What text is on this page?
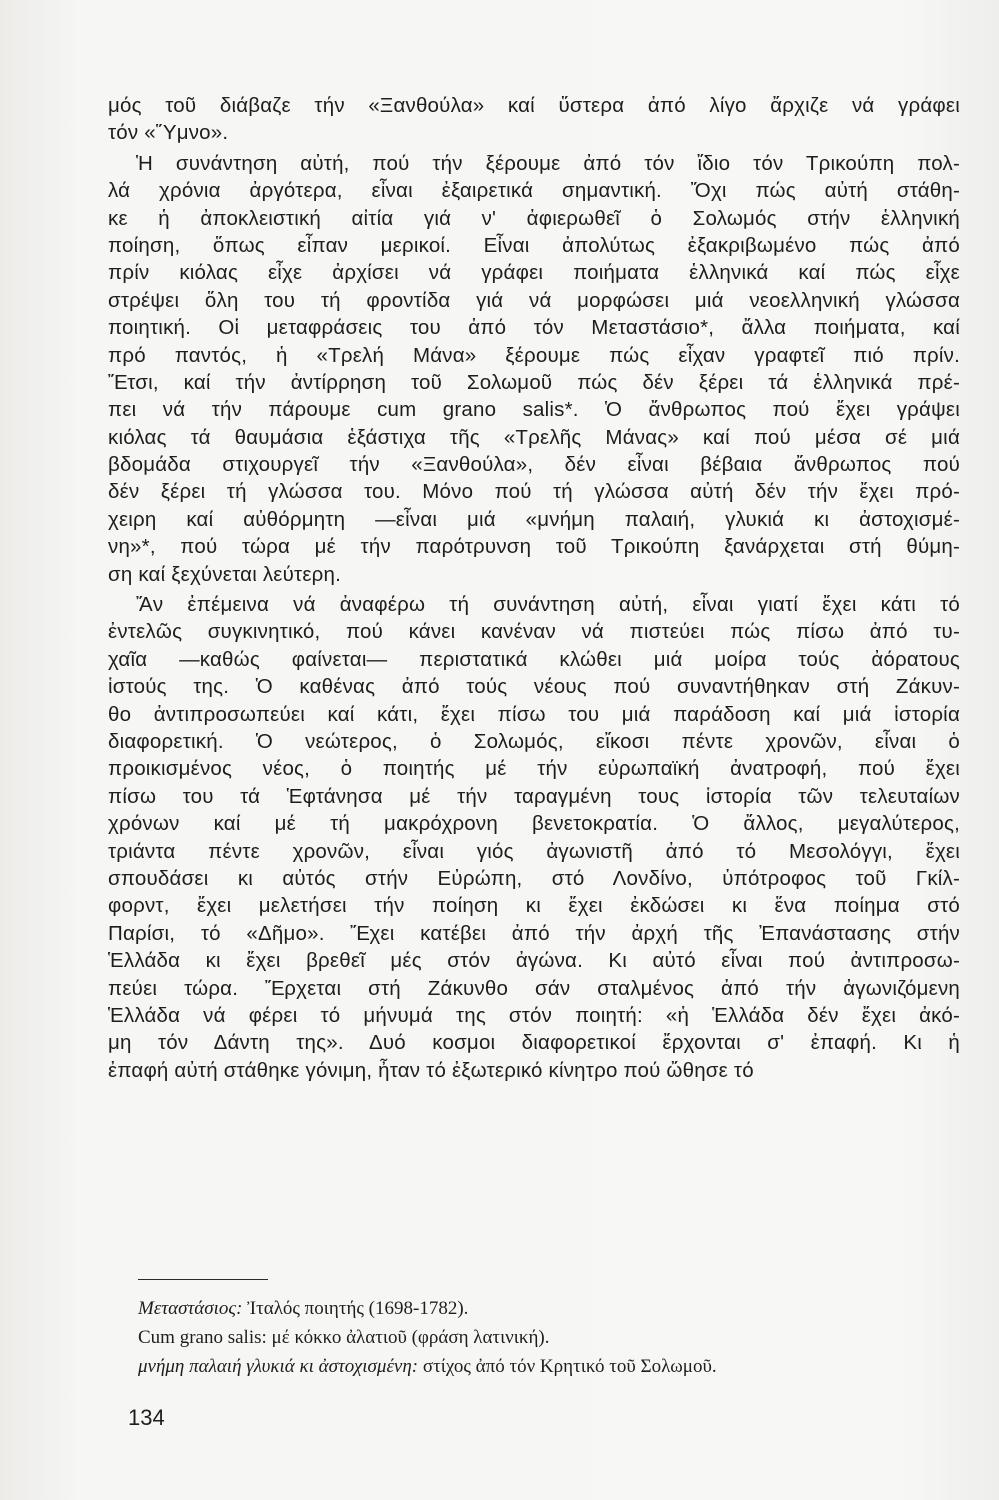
μός τοῦ διάβαζε τήν «Ξανθούλα» καί ὕστερα ἀπό λίγο ἄρχιζε νά γράφει
τόν «Ὕμνο».
Ἡ συνάντηση αὐτή, πού τήν ξέρουμε ἀπό τόν ἴδιο τόν Τρικούπη πολ-
λά χρόνια ἀργότερα, εἶναι ἐξαιρετικά σημαντική. Ὄχι πώς αὐτή στάθη-
κε ἡ ἀποκλειστική αἰτία γιά ν' ἀφιερωθεῖ ὁ Σολωμός στήν ἑλληνική
ποίηση, ὅπως εἶπαν μερικοί. Εἶναι ἀπολύτως ἐξακριβωμένο πώς ἀπό
πρίν κιόλας εἶχε ἀρχίσει νά γράφει ποιήματα ἑλληνικά καί πώς εἶχε
στρέψει ὅλη του τή φροντίδα γιά νά μορφώσει μιά νεοελληνική γλώσσα
ποιητική. Οἱ μεταφράσεις του ἀπό τόν Μεταστάσιο*, ἄλλα ποιήματα, καί
πρό παντός, ἡ «Τρελή Μάνα» ξέρουμε πώς εἶχαν γραφτεῖ πιό πρίν.
Ἔτσι, καί τήν ἀντίρρηση τοῦ Σολωμοῦ πώς δέν ξέρει τά ἑλληνικά πρέ-
πει νά τήν πάρουμε cum grano salis*. Ὁ ἄνθρωπος πού ἔχει γράψει
κιόλας τά θαυμάσια ἑξάστιχα τῆς «Τρελῆς Μάνας» καί πού μέσα σέ μιά
βδομάδα στιχουργεῖ τήν «Ξανθούλα», δέν εἶναι βέβαια ἄνθρωπος πού
δέν ξέρει τή γλώσσα του. Μόνο πού τή γλώσσα αὐτή δέν τήν ἔχει πρό-
χειρη καί αὐθόρμητη —εἶναι μιά «μνήμη παλαιή, γλυκιά κι ἀστοχισμέ-
νη»*, πού τώρα μέ τήν παρότρυνση τοῦ Τρικούπη ξανάρχεται στή θύμη-
ση καί ξεχύνεται λεύτερη.
Ἄν ἐπέμεινα νά ἀναφέρω τή συνάντηση αὐτή, εἶναι γιατί ἔχει κάτι τό
ἐντελῶς συγκινητικό, πού κάνει κανέναν νά πιστεύει πώς πίσω ἀπό τυ-
χαῖα —καθώς φαίνεται— περιστατικά κλώθει μιά μοίρα τούς ἀόρατους
ἱστούς της. Ὁ καθένας ἀπό τούς νέους πού συναντήθηκαν στή Ζάκυν-
θο ἀντιπροσωπεύει καί κάτι, ἔχει πίσω του μιά παράδοση καί μιά ἱστορία
διαφορετική. Ὁ νεώτερος, ὁ Σολωμός, εἴκοσι πέντε χρονῶν, εἶναι ὁ
προικισμένος νέος, ὁ ποιητής μέ τήν εὐρωπαϊκή ἀνατροφή, πού ἔχει
πίσω του τά Ἑφτάνησα μέ τήν ταραγμένη τους ἱστορία τῶν τελευταίων
χρόνων καί μέ τή μακρόχρονη βενετοκρατία. Ὁ ἄλλος, μεγαλύτερος,
τριάντα πέντε χρονῶν, εἶναι γιός ἀγωνιστῆ ἀπό τό Μεσολόγγι, ἔχει
σπουδάσει κι αὐτός στήν Εὐρώπη, στό Λονδίνο, ὑπότροφος τοῦ Γκίλ-
φορντ, ἔχει μελετήσει τήν ποίηση κι ἔχει ἐκδώσει κι ἕνα ποίημα στό
Παρίσι, τό «Δῆμο». Ἔχει κατέβει ἀπό τήν ἀρχή τῆς Ἐπανάστασης στήν
Ἑλλάδα κι ἔχει βρεθεῖ μές στόν ἀγώνα. Κι αὐτό εἶναι πού ἀντιπροσω-
πεύει τώρα. Ἔρχεται στή Ζάκυνθο σάν σταλμένος ἀπό τήν ἀγωνιζόμενη
Ἑλλάδα νά φέρει τό μήνυμά της στόν ποιητή: «ἡ Ἑλλάδα δέν ἔχει ἀκό-
μη τόν Δάντη της». Δυό κοσμοι διαφορετικοί ἔρχονται σ' ἐπαφή. Κι ἡ
ἐπαφή αὐτή στάθηκε γόνιμη, ἦταν τό ἐξωτερικό κίνητρο πού ὤθησε τό
Μεταστάσιος: Ἰταλός ποιητής (1698-1782).
Cum grano salis: μέ κόκκο ἀλατιοῦ (φράση λατινική).
μνήμη παλαιή γλυκιά κι ἀστοχισμένη: στίχος ἀπό τόν Κρητικό τοῦ Σολωμοῦ.
134
